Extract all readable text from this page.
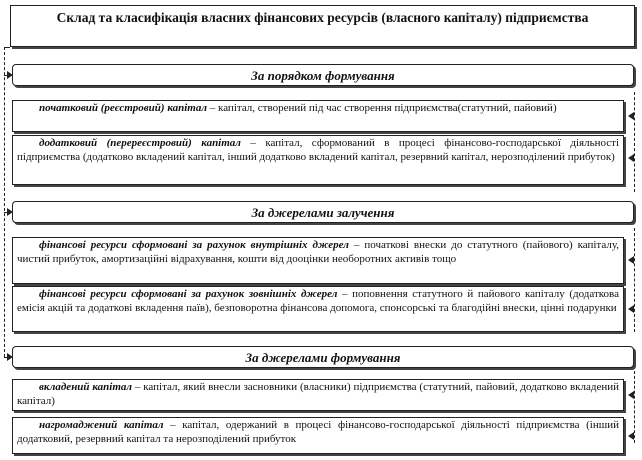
Склад та класифікація власних фінансових ресурсів (власного капіталу) підприємства
За порядком формування

початковий (реєстровий) капітал – капітал, створений під час створення підприємства(статутний, пайовий)

додатковий (перереєстровий) капітал – капітал, сформований в процесі фінансово-господарської діяльності підприємства (додатково вкладений капітал, інший додатково вкладений капітал, резервний капітал, нерозподілений прибуток)

За джерелами залучення

фінансові ресурси сформовані за рахунок внутрішніх джерел – початкові внески до статутного (пайового) капіталу, чистий прибуток, амортизаційні відрахування, кошти від дооцінки необоротних активів тощо

фінансові ресурси сформовані за рахунок зовнішніх джерел – поповнення статутного й пайового капіталу (додаткова емісія акцій та додаткові вкладення паїв), безповоротна фінансова допомога, спонсорські та благодійні внески, цінні подарунки

За джерелами формування

вкладений капітал – капітал, який внесли засновники (власники) підприємства (статутний, пайовий, додатково вкладений капітал)

нагромаджений капітал – капітал, одержаний в процесі фінансово-господарської діяльності підприємства (інший додатковий, резервний капітал та нерозподілений прибуток
